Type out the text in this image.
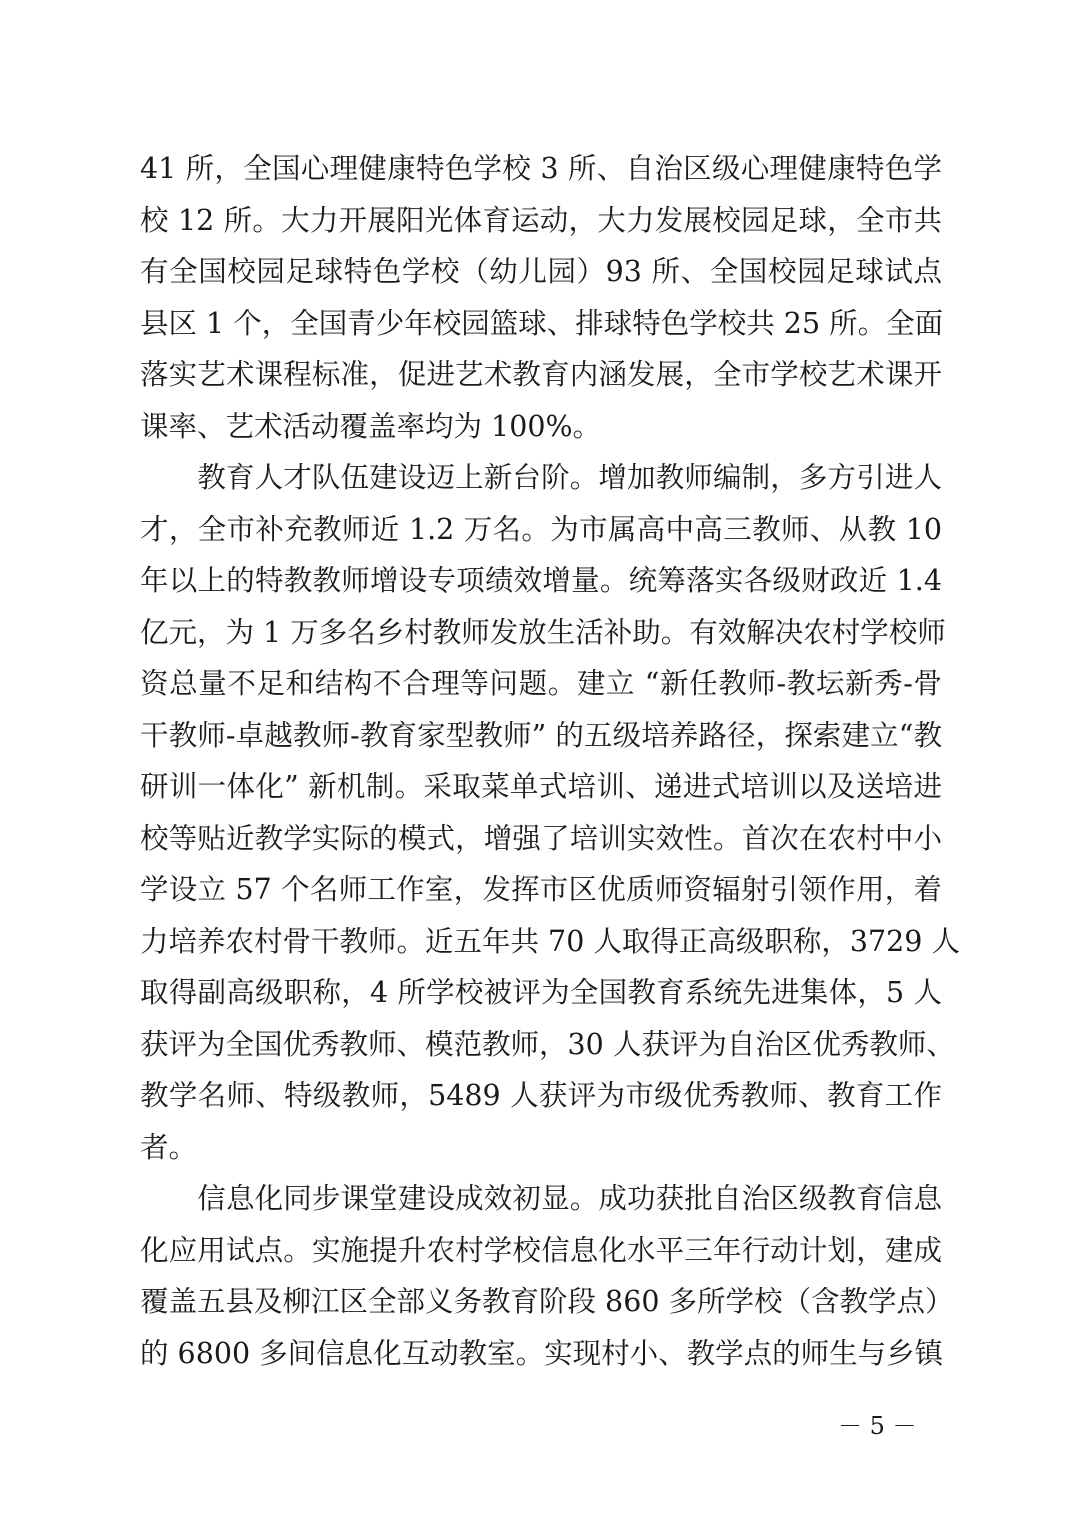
41 所，全国心理健康特色学校 3 所、自治区级心理健康特色学
校 12 所。大力开展阳光体育运动，大力发展校园足球，全市共
有全国校园足球特色学校（幼儿园）93 所、全国校园足球试点
县区 1 个，全国青少年校园篮球、排球特色学校共 25 所。全面
落实艺术课程标准，促进艺术教育内涵发展，全市学校艺术课开
课率、艺术活动覆盖率均为 100%。
　　教育人才队伍建设迈上新台阶。增加教师编制，多方引进人
才，全市补充教师近 1.2 万名。为市属高中高三教师、从教 10
年以上的特教教师增设专项绩效增量。统筹落实各级财政近 1.4
亿元，为 1 万多名乡村教师发放生活补助。有效解决农村学校师
资总量不足和结构不合理等问题。建立 “新任教师-教坛新秀-骨
干教师-卓越教师-教育家型教师” 的五级培养路径，探索建立“教
研训一体化” 新机制。采取菜单式培训、递进式培训以及送培进
校等贴近教学实际的模式，增强了培训实效性。首次在农村中小
学设立 57 个名师工作室，发挥市区优质师资辐射引领作用，着
力培养农村骨干教师。近五年共 70 人取得正高级职称，3729 人
取得副高级职称，4 所学校被评为全国教育系统先进集体，5 人
获评为全国优秀教师、模范教师，30 人获评为自治区优秀教师、
教学名师、特级教师，5489 人获评为市级优秀教师、教育工作
者。
　　信息化同步课堂建设成效初显。成功获批自治区级教育信息
化应用试点。实施提升农村学校信息化水平三年行动计划，建成
覆盖五县及柳江区全部义务教育阶段 860 多所学校（含教学点）
的 6800 多间信息化互动教室。实现村小、教学点的师生与乡镇
－ 5 －
